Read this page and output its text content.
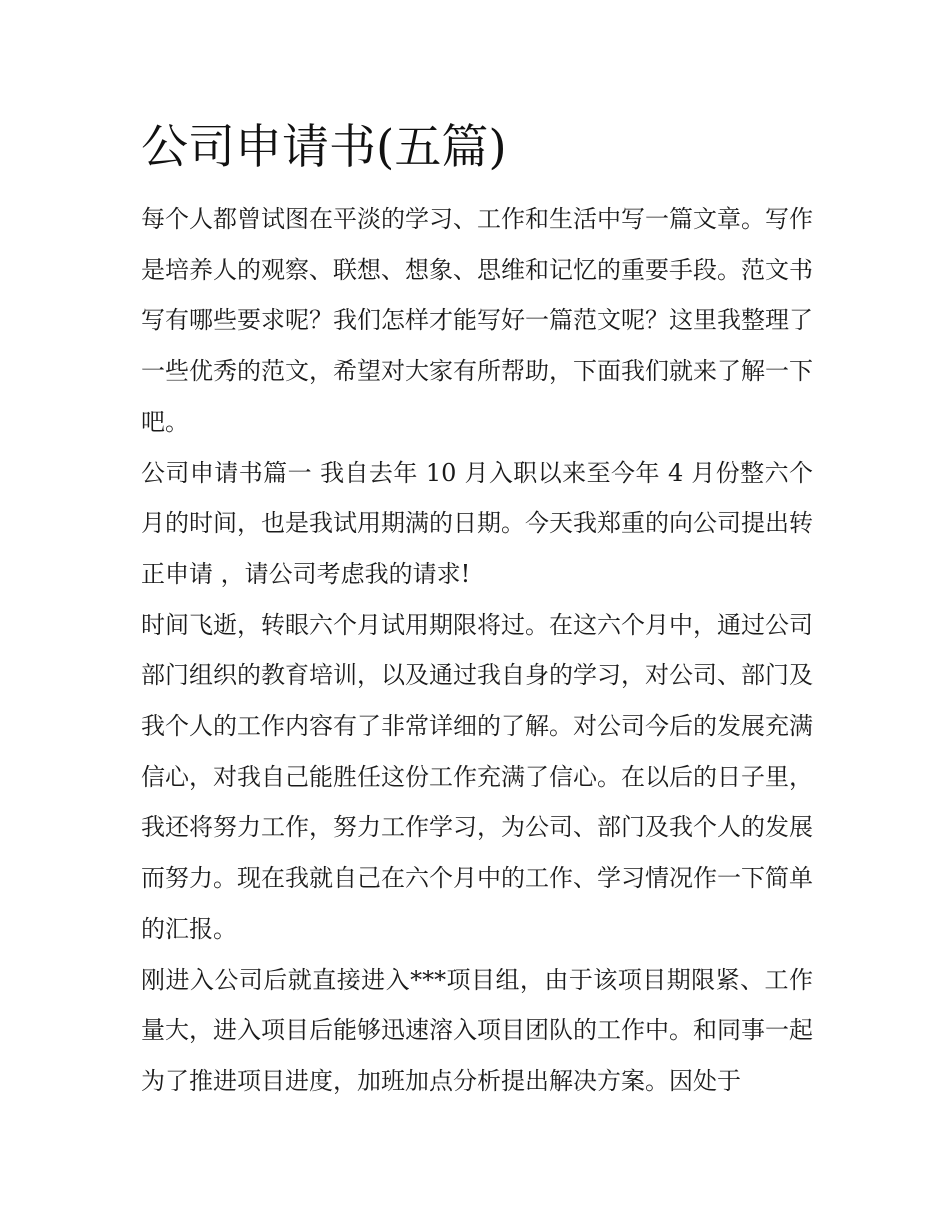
公司申请书(五篇)

每个人都曾试图在平淡的学习、工作和生活中写一篇文章。写作是培养人的观察、联想、想象、思维和记忆的重要手段。范文书写有哪些要求呢？我们怎样才能写好一篇范文呢？这里我整理了一些优秀的范文，希望对大家有所帮助，下面我们就来了解一下吧。

公司申请书篇一 我自去年 10 月入职以来至今年 4 月份整六个月的时间，也是我试用期满的日期。今天我郑重的向公司提出转正申请 ，请公司考虑我的请求!

时间飞逝，转眼六个月试用期限将过。在这六个月中，通过公司部门组织的教育培训，以及通过我自身的学习，对公司、部门及我个人的工作内容有了非常详细的了解。对公司今后的发展充满信心，对我自己能胜任这份工作充满了信心。在以后的日子里，我还将努力工作，努力工作学习，为公司、部门及我个人的发展而努力。现在我就自己在六个月中的工作、学习情况作一下简单的汇报。

刚进入公司后就直接进入***项目组，由于该项目期限紧、工作量大，进入项目后能够迅速溶入项目团队的工作中。和同事一起为了推进项目进度，加班加点分析提出解决方案。因处于
